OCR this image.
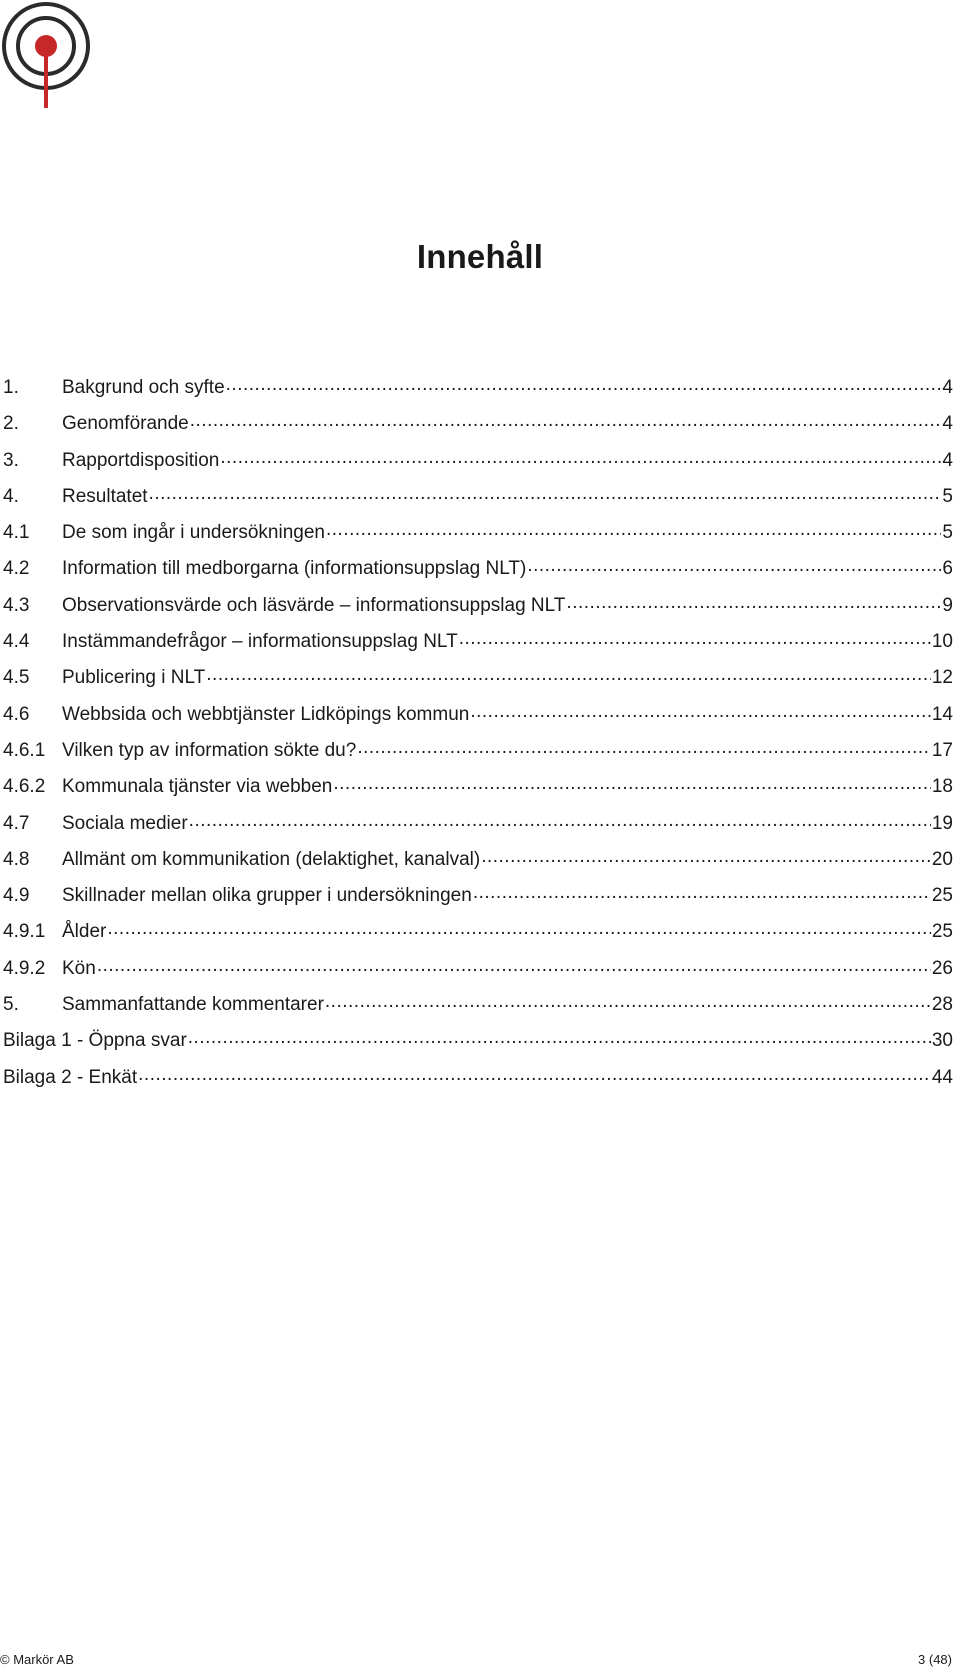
Innehåll
1.	Bakgrund och syfte .....	4
2.	Genomförande .....	4
3.	Rapportdisposition .....	4
4.	Resultatet .....	5
4.1	De som ingår i undersökningen .....	5
4.2	Information till medborgarna (informationsuppslag NLT) .....	6
4.3	Observationsvärde och läsvärde – informationsuppslag NLT .....	9
4.4	Instämmandefrågor – informationsuppslag NLT .....	10
4.5	Publicering i NLT .....	12
4.6	Webbsida och webbtjänster Lidköpings kommun .....	14
4.6.1 Vilken typ av information sökte du? .....	17
4.6.2 Kommunala tjänster via webben .....	18
4.7	Sociala medier .....	19
4.8	Allmänt om kommunikation (delaktighet, kanalval) .....	20
4.9	Skillnader mellan olika grupper i undersökningen .....	25
4.9.1 Ålder .....	25
4.9.2 Kön .....	26
5.	Sammanfattande kommentarer .....	28
Bilaga 1 - Öppna svar .....	30
Bilaga 2 - Enkät .....	44
© Markör AB	3 (48)
